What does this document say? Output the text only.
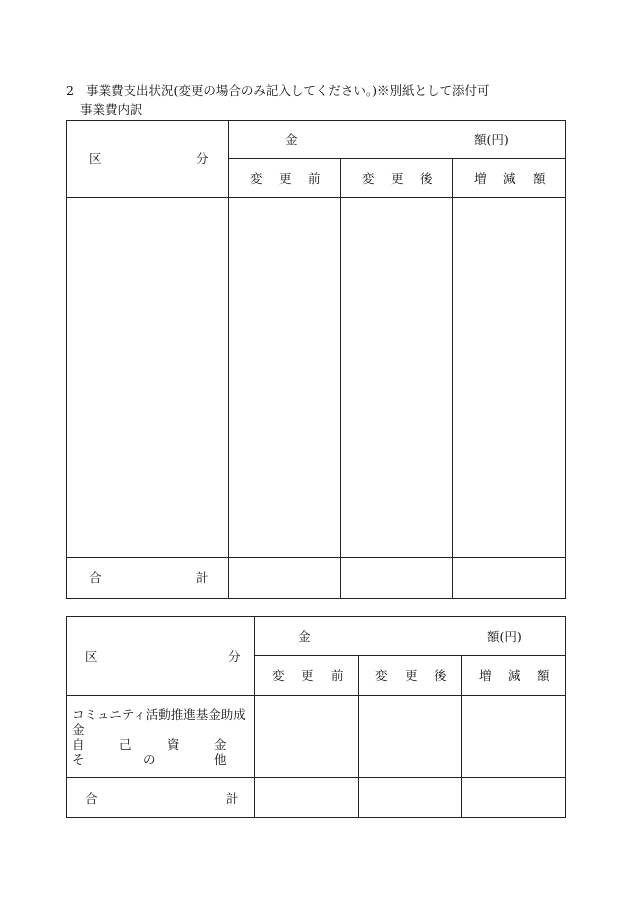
2 事業費支出状況(変更の場合のみ記入してください。)※別紙として添付可
事業費内訳
区	分
金	額(円)
変 更 前	変 更 後	増 減 額
合	計
区	分
金	額(円)
変 更 前	変 更 後	増 減 額
コミュニティ活動推進基金助成
金
自	己	資	金
そ	の	他
合	計
